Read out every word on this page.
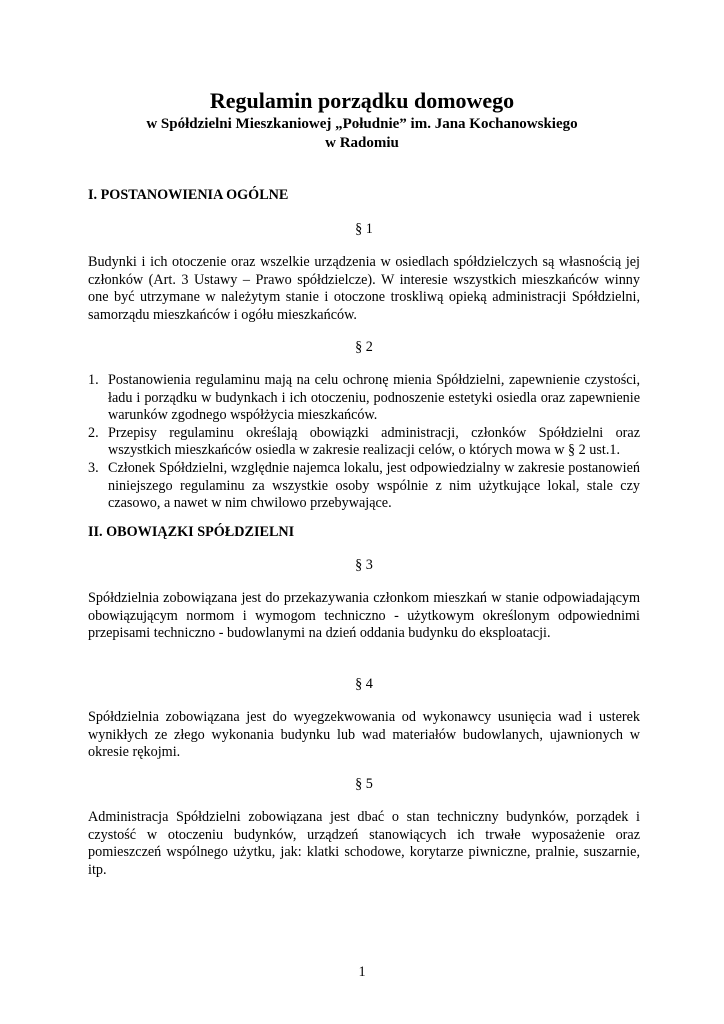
Regulamin porządku domowego
w Spółdzielni Mieszkaniowej „Południe” im. Jana Kochanowskiego
w Radomiu
I. POSTANOWIENIA OGÓLNE
§ 1

Budynki i ich otoczenie oraz wszelkie urządzenia w osiedlach spółdzielczych są własnością jej członków (Art. 3 Ustawy – Prawo spółdzielcze). W interesie wszystkich mieszkańców winny one być utrzymane w należytym stanie i otoczone troskliwą opieką administracji Spółdzielni, samorządu mieszkańców i ogółu mieszkańców.

§ 2
1. Postanowienia regulaminu mają na celu ochronę mienia Spółdzielni, zapewnienie czystości, ładu i porządku w budynkach i ich otoczeniu, podnoszenie estetyki osiedla oraz zapewnienie warunków zgodnego współżycia mieszkańców.
2. Przepisy regulaminu określają obowiązki administracji, członków Spółdzielni oraz wszystkich mieszkańców osiedla w zakresie realizacji celów, o których mowa w § 2 ust.1.
3. Członek Spółdzielni, względnie najemca lokalu, jest odpowiedzialny w zakresie postanowień niniejszego regulaminu za wszystkie osoby wspólnie z nim użytkujące lokal, stale czy czasowo, a nawet w nim chwilowo przebywające.
II. OBOWIĄZKI SPÓŁDZIELNI
§ 3

Spółdzielnia zobowiązana jest do przekazywania członkom mieszkań w stanie odpowiadającym obowiązującym normom i wymogom techniczno - użytkowym określonym odpowiednimi przepisami techniczno - budowlanymi na dzień oddania budynku do eksploatacji.

§ 4

Spółdzielnia zobowiązana jest do wyegzekwowania od wykonawcy usunięcia wad i usterek wynikłych ze złego wykonania budynku lub wad materiałów budowlanych, ujawnionych w okresie rękojmi.

§ 5

Administracja Spółdzielni zobowiązana jest dbać o stan techniczny budynków, porządek i czystość w otoczeniu budynków, urządzeń stanowiących ich trwałe wyposażenie oraz pomieszczeń wspólnego użytku, jak: klatki schodowe, korytarze piwniczne, pralnie, suszarnie, itp.

1
